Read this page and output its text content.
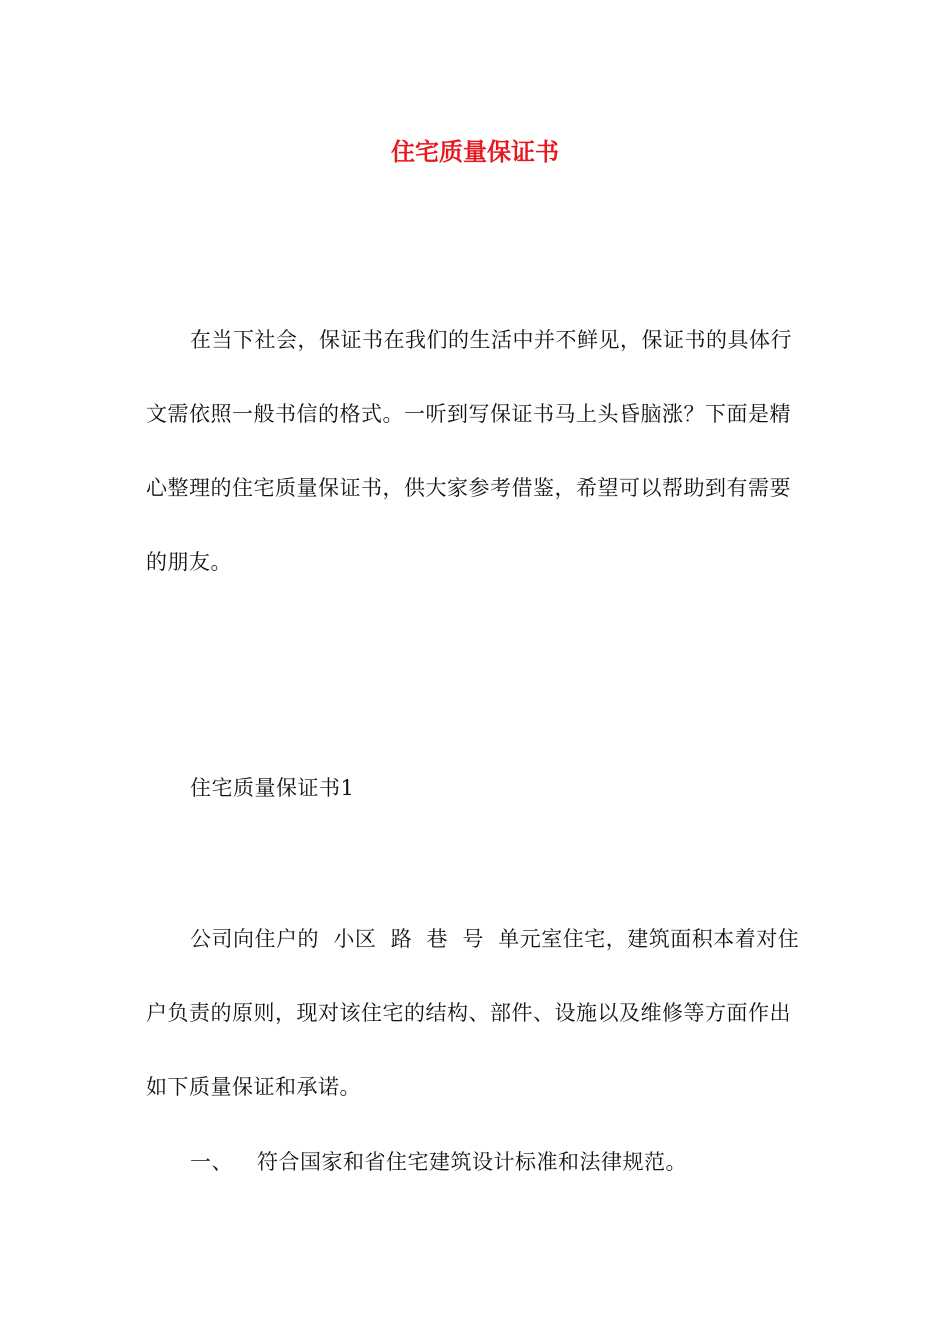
住宅质量保证书

在当下社会，保证书在我们的生活中并不鲜见，保证书的具体行文需依照一般书信的格式。一听到写保证书马上头昏脑涨？下面是精心整理的住宅质量保证书，供大家参考借鉴，希望可以帮助到有需要的朋友。

住宅质量保证书1

公司向住户的  小区  路  巷  号  单元室住宅，建筑面积本着对住户负责的原则，现对该住宅的结构、部件、设施以及维修等方面作出如下质量保证和承诺。

一、 符合国家和省住宅建筑设计标准和法律规范。
